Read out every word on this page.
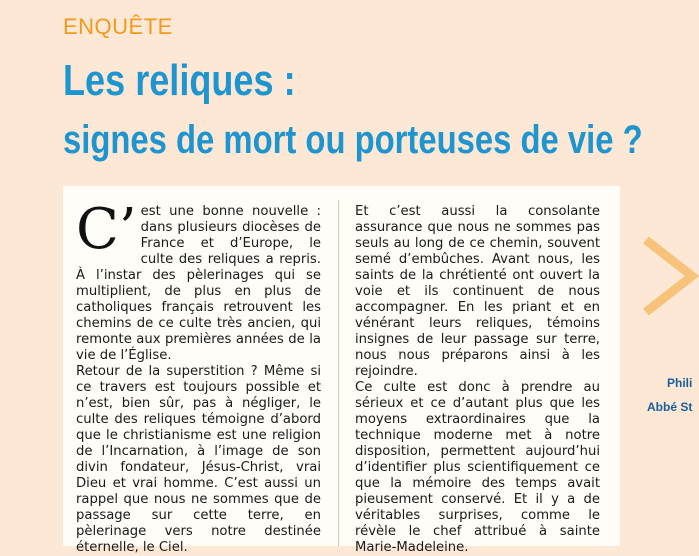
ENQUÊTE
Les reliques :
signes de mort ou porteuses de vie ?

C’ est une bonne nouvelle : dans plusieurs diocèses de France et d’Europe, le culte des reliques a repris. À l’instar des pèlerinages qui se multiplient, de plus en plus de catholiques français retrouvent les chemins de ce culte très ancien, qui remonte aux premières années de la vie de l’Église.

Retour de la superstition ? Même si ce travers est toujours possible et n’est, bien sûr, pas à négliger, le culte des reliques témoigne d’abord que le christianisme est une religion de l’Incarnation, à l’image de son divin fondateur, Jésus-Christ, vrai Dieu et vrai homme. C’est aussi un rappel que nous ne sommes que de passage sur cette terre, en pèlerinage vers notre destinée éternelle, le Ciel.

Et c’est aussi la consolante assurance que nous ne sommes pas seuls au long de ce chemin, souvent semé d’embûches. Avant nous, les saints de la chrétienté ont ouvert la voie et ils continuent de nous accompagner. En les priant et en vénérant leurs reliques, témoins insignes de leur passage sur terre, nous nous préparons ainsi à les rejoindre.

Ce culte est donc à prendre au sérieux et ce d’autant plus que les moyens extraordinaires que la technique moderne met à notre disposition, permettent aujourd’hui d’identifier plus scientifiquement ce que la mémoire des temps avait pieusement conservé. Et il y a de véritables surprises, comme le révèle le chef attribué à sainte Marie-Madeleine.

Phili
Abbé St
